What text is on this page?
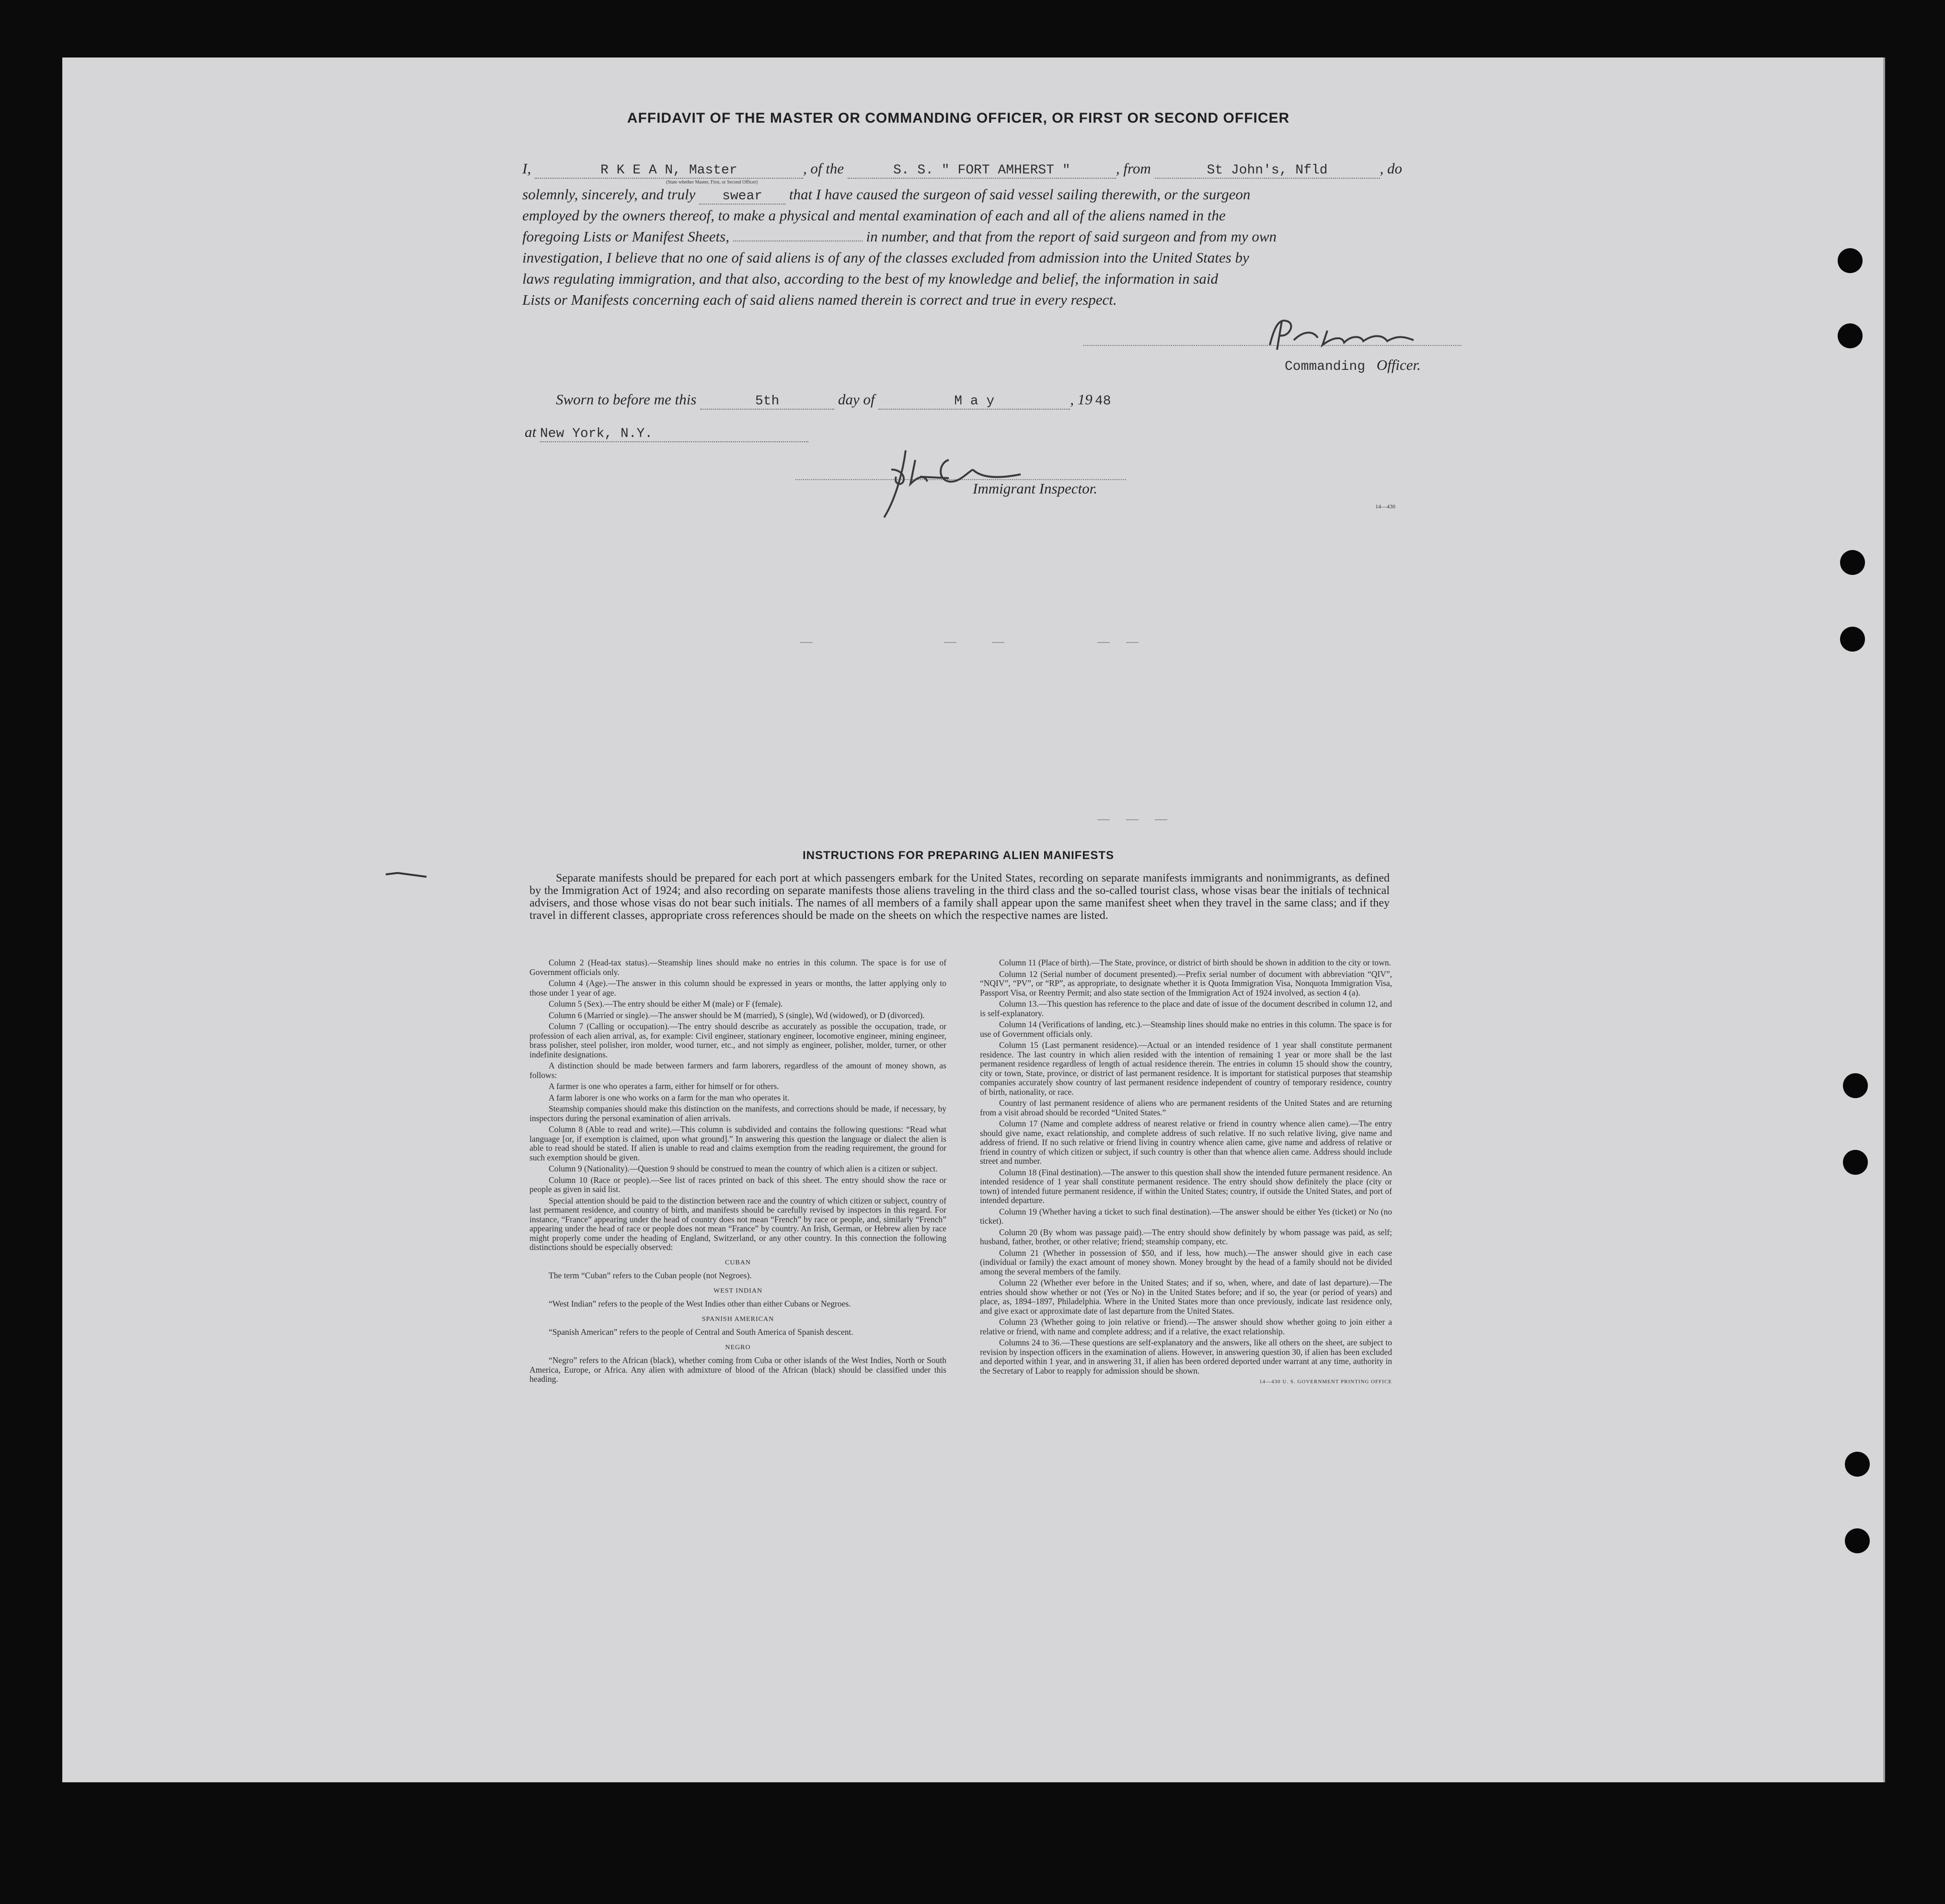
AFFIDAVIT OF THE MASTER OR COMMANDING OFFICER, OR FIRST OR SECOND OFFICER
I,	R K E A N, Master	, of the	S. S. " FORT AMHERST "	, from	St John's, Nfld	, do
(State whether Master, First, or Second Officer)
solemnly, sincerely, and truly swear that I have caused the surgeon of said vessel sailing therewith, or the surgeon
employed by the owners thereof, to make a physical and mental examination of each and all of the aliens named in the
foregoing Lists or Manifest Sheets,	in number, and that from the report of said surgeon and from my own
investigation, I believe that no one of said aliens is of any of the classes excluded from admission into the United States by
laws regulating immigration, and that also, according to the best of my knowledge and belief, the information in said
Lists or Manifests concerning each of said aliens named therein is correct and true in every respect.
R. Kean
Commanding Officer.
Sworn to before me this	5th	day of	M a y	, 19 48
at New York, N.Y.	John Cu
Immigrant Inspector.
14—430
INSTRUCTIONS FOR PREPARING ALIEN MANIFESTS
Separate manifests should be prepared for each port at which passengers embark for the United States, recording on separate manifests immigrants and nonimmigrants, as defined by the Immigration Act of 1924; and also recording on separate manifests those aliens traveling in the third class and the so-called tourist class, whose visas bear the initials of technical advisers, and those whose visas do not bear such initials. The names of all members of a family shall appear upon the same manifest sheet when they travel in the same class; and if they travel in different classes, appropriate cross references should be made on the sheets on which the respective names are listed.

Column 2 (Head-tax status).—Steamship lines should make no entries in this column. The space is for use of Government officials only.

Column 4 (Age).—The answer in this column should be expressed in years or months, the latter applying only to those under 1 year of age.

Column 5 (Sex).—The entry should be either M (male) or F (female).

Column 6 (Married or single).—The answer should be M (married), S (single), Wd (widowed), or D (divorced).

Column 7 (Calling or occupation).—The entry should describe as accurately as possible the occupation, trade, or profession of each alien arrival, as, for example: Civil engineer, stationary engineer, locomotive engineer, mining engineer, brass polisher, steel polisher, iron molder, wood turner, etc., and not simply as engineer, polisher, molder, turner, or other indefinite designations.

A distinction should be made between farmers and farm laborers, regardless of the amount of money shown, as follows:

A farmer is one who operates a farm, either for himself or for others.

A farm laborer is one who works on a farm for the man who operates it.

Steamship companies should make this distinction on the manifests, and corrections should be made, if necessary, by inspectors during the personal examination of alien arrivals.

Column 8 (Able to read and write).—This column is subdivided and contains the following questions: “Read what language [or, if exemption is claimed, upon what ground].” In answering this question the language or dialect the alien is able to read should be stated. If alien is unable to read and claims exemption from the reading requirement, the ground for such exemption should be given.

Column 9 (Nationality).—Question 9 should be construed to mean the country of which alien is a citizen or subject.

Column 10 (Race or people).—See list of races printed on back of this sheet. The entry should show the race or people as given in said list.

Special attention should be paid to the distinction between race and the country of which citizen or subject, country of last permanent residence, and country of birth, and manifests should be carefully revised by inspectors in this regard. For instance, “France” appearing under the head of country does not mean “French” by race or people, and, similarly “French” appearing under the head of race or people does not mean “France” by country. An Irish, German, or Hebrew alien by race might properly come under the heading of England, Switzerland, or any other country. In this connection the following distinctions should be especially observed:

CUBAN

The term “Cuban” refers to the Cuban people (not Negroes).

WEST INDIAN

“West Indian” refers to the people of the West Indies other than either Cubans or Negroes.

SPANISH AMERICAN

“Spanish American” refers to the people of Central and South America of Spanish descent.

NEGRO

“Negro” refers to the African (black), whether coming from Cuba or other islands of the West Indies, North or South America, Europe, or Africa. Any alien with admixture of blood of the African (black) should be classified under this heading.

Column 11 (Place of birth).—The State, province, or district of birth should be shown in addition to the city or town.

Column 12 (Serial number of document presented).—Prefix serial number of document with abbreviation “QIV”, “NQIV”, “PV”, or “RP”, as appropriate, to designate whether it is Quota Immigration Visa, Nonquota Immigration Visa, Passport Visa, or Reentry Permit; and also state section of the Immigration Act of 1924 involved, as section 4 (a).

Column 13.—This question has reference to the place and date of issue of the document described in column 12, and is self-explanatory.

Column 14 (Verifications of landing, etc.).—Steamship lines should make no entries in this column. The space is for use of Government officials only.

Column 15 (Last permanent residence).—Actual or an intended residence of 1 year shall constitute permanent residence. The last country in which alien resided with the intention of remaining 1 year or more shall be the last permanent residence regardless of length of actual residence therein. The entries in column 15 should show the country, city or town, State, province, or district of last permanent residence. It is important for statistical purposes that steamship companies accurately show country of last permanent residence independent of country of temporary residence, country of birth, nationality, or race.

Country of last permanent residence of aliens who are permanent residents of the United States and are returning from a visit abroad should be recorded “United States.”

Column 17 (Name and complete address of nearest relative or friend in country whence alien came).—The entry should give name, exact relationship, and complete address of such relative. If no such relative living, give name and address of friend. If no such relative or friend living in country whence alien came, give name and address of relative or friend in country of which citizen or subject, if such country is other than that whence alien came. Address should include street and number.

Column 18 (Final destination).—The answer to this question shall show the intended future permanent residence. An intended residence of 1 year shall constitute permanent residence. The entry should show definitely the place (city or town) of intended future permanent residence, if within the United States; country, if outside the United States, and port of intended departure.

Column 19 (Whether having a ticket to such final destination).—The answer should be either Yes (ticket) or No (no ticket).

Column 20 (By whom was passage paid).—The entry should show definitely by whom passage was paid, as self; husband, father, brother, or other relative; friend; steamship company, etc.

Column 21 (Whether in possession of $50, and if less, how much).—The answer should give in each case (individual or family) the exact amount of money shown. Money brought by the head of a family should not be divided among the several members of the family.

Column 22 (Whether ever before in the United States; and if so, when, where, and date of last departure).—The entries should show whether or not (Yes or No) in the United States before; and if so, the year (or period of years) and place, as, 1894–1897, Philadelphia. Where in the United States more than once previously, indicate last residence only, and give exact or approximate date of last departure from the United States.

Column 23 (Whether going to join relative or friend).—The answer should show whether going to join either a relative or friend, with name and complete address; and if a relative, the exact relationship.

Columns 24 to 36.—These questions are self-explanatory and the answers, like all others on the sheet, are subject to revision by inspection officers in the examination of aliens. However, in answering question 30, if alien has been excluded and deported within 1 year, and in answering 31, if alien has been ordered deported under warrant at any time, authority in the Secretary of Labor to reapply for admission should be shown.

14—430 U. S. GOVERNMENT PRINTING OFFICE
